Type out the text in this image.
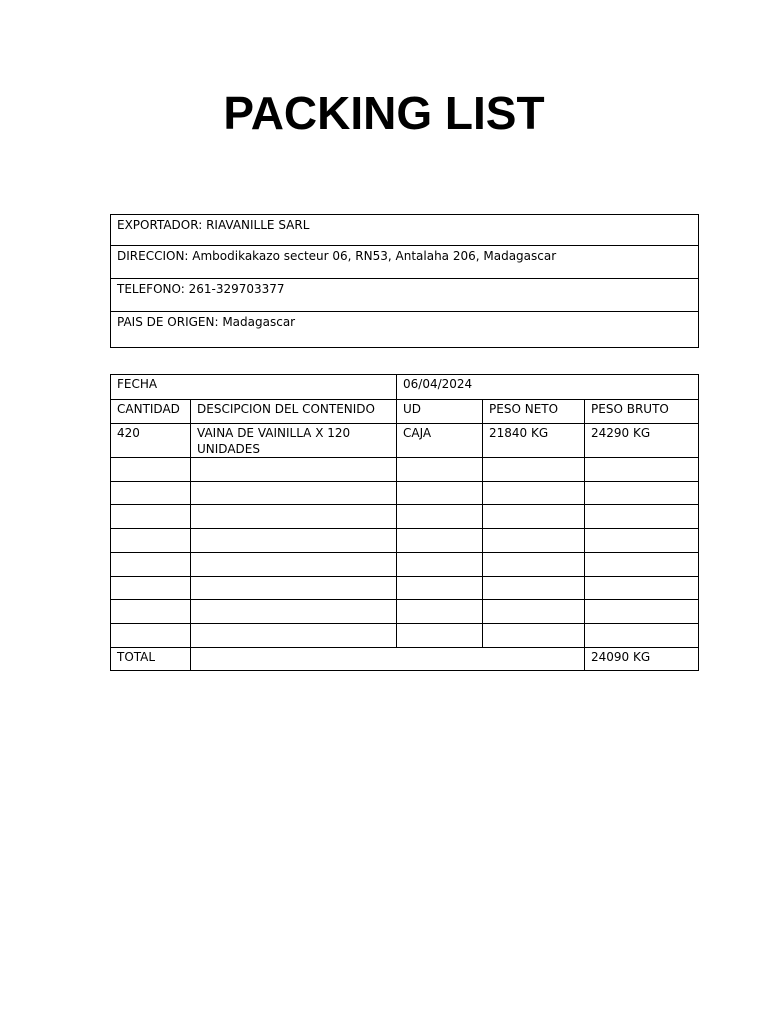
PACKING LIST
EXPORTADOR: RIAVANILLE SARL
DIRECCION: Ambodikakazo secteur 06, RN53, Antalaha 206, Madagascar
TELEFONO: 261-329703377
PAIS DE ORIGEN: Madagascar
FECHA		06/04/2024		
CANTIDAD	DESCIPCION DEL CONTENIDO	UD	PESO NETO	PESO BRUTO
420	VAINA DE VAINILLA X 120 UNIDADES	CAJA	21840 KG	24290 KG

TOTAL				24090 KG
